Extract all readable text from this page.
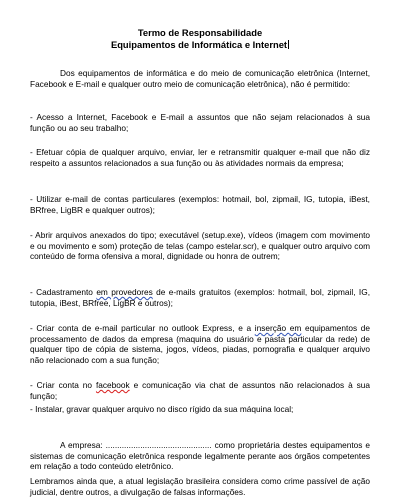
Termo de Responsabilidade
Equipamentos de Informática e Internet
Dos equipamentos de informática e do meio de comunicação eletrônica (Internet, Facebook e E-mail e qualquer outro meio de comunicação eletrônica), não é permitido:
- Acesso a Internet, Facebook e E-mail a assuntos que não sejam relacionados à sua função ou ao seu trabalho;
- Efetuar cópia de qualquer arquivo, enviar, ler e retransmitir qualquer e-mail que não diz respeito a assuntos relacionados a sua função ou às atividades normais da empresa;
- Utilizar e-mail de contas particulares (exemplos: hotmail, bol, zipmail, IG, tutopia, iBest, BRfree, LigBR e qualquer outros);
- Abrir arquivos anexados do tipo; executável (setup.exe), vídeos (imagem com movimento e ou movimento e som) proteção de telas (campo estelar.scr), e qualquer outro arquivo com conteúdo de forma ofensiva a moral, dignidade ou honra de outrem;
- Cadastramento em provedores de e-mails gratuitos (exemplos: hotmail, bol, zipmail, IG, tutopia, iBest, BRfree, LigBR e outros);
- Criar conta de e-mail particular no outlook Express, e a inserção em equipamentos de processamento de dados da empresa (maquina do usuário e pasta particular da rede) de qualquer tipo de cópia de sistema, jogos, vídeos, piadas, pornografia e qualquer arquivo não relacionado com a sua função;
- Criar conta no facebook e comunicação via chat de assuntos não relacionados à sua função;
- Instalar, gravar qualquer arquivo no disco rígido da sua máquina local;
A empresa: .............................................. como proprietária destes equipamentos e sistemas de comunicação eletrônica responde legalmente perante aos órgãos competentes em relação a todo conteúdo eletrônico.
Lembramos ainda que, a atual legislação brasileira considera como crime passível de ação judicial, dentre outros, a divulgação de falsas informações.
